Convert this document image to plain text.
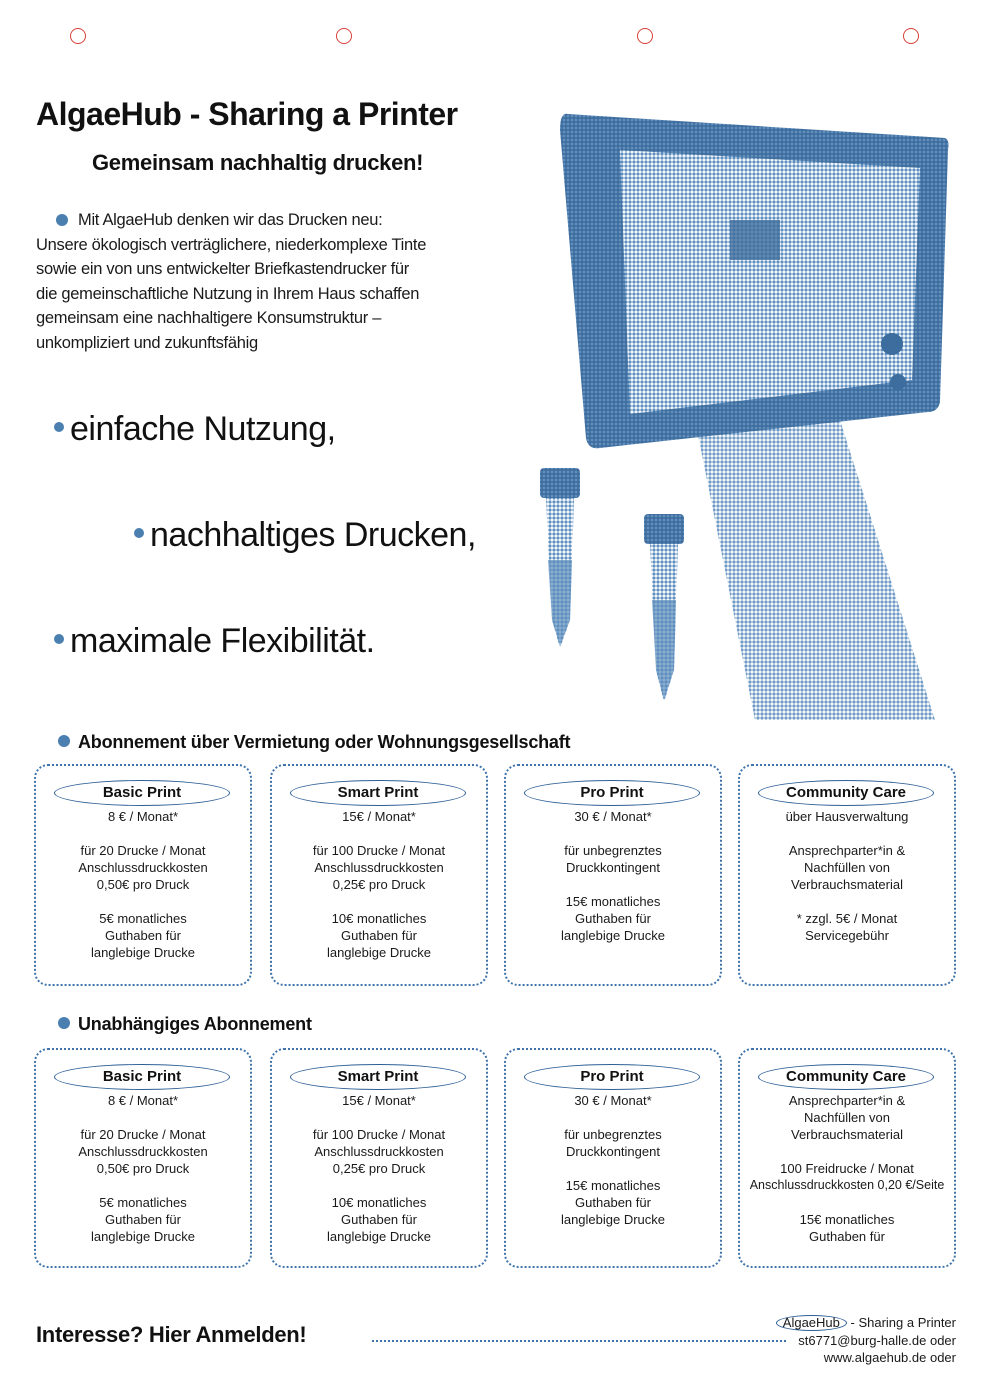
AlgaeHub - Sharing a Printer
Gemeinsam nachhaltig drucken!
Mit AlgaeHub denken wir das Drucken neu:
Unsere ökologisch verträglichere, niederkomplexe Tinte
sowie ein von uns entwickelter Briefkastendrucker für
die gemeinschaftliche Nutzung in Ihrem Haus schaffen
gemeinsam eine nachhaltigere Konsumstruktur –
unkompliziert und zukunftsfähig
einfache Nutzung,
nachhaltiges Drucken,
maximale Flexibilität.
Abonnement über Vermietung oder Wohnungsgesellschaft
Basic Print
8 € / Monat*
für 20 Drucke / Monat
Anschlussdruckkosten
0,50€ pro Druck
5€ monatliches
Guthaben für
langlebige Drucke
Smart Print
15€ / Monat*
für 100 Drucke / Monat
Anschlussdruckkosten
0,25€ pro Druck
10€ monatliches
Guthaben für
langlebige Drucke
Pro Print
30 € / Monat*
für unbegrenztes
Druckkontingent
15€ monatliches
Guthaben für
langlebige Drucke
Community Care
über Hausverwaltung
Ansprechparter*in &
Nachfüllen von
Verbrauchsmaterial
* zzgl. 5€ / Monat
Servicegebühr
Unabhängiges Abonnement
Basic Print
8 € / Monat*
für 20 Drucke / Monat
Anschlussdruckkosten
0,50€ pro Druck
5€ monatliches
Guthaben für
langlebige Drucke
Smart Print
15€ / Monat*
für 100 Drucke / Monat
Anschlussdruckkosten
0,25€ pro Druck
10€ monatliches
Guthaben für
langlebige Drucke
Pro Print
30 € / Monat*
für unbegrenztes
Druckkontingent
15€ monatliches
Guthaben für
langlebige Drucke
Community Care
Ansprechparter*in &
Nachfüllen von
Verbrauchsmaterial
100 Freidrucke / Monat
Anschlussdruckkosten 0,20 €/Seite
15€ monatliches
Guthaben für
Interesse? Hier Anmelden!	AlgaeHub - Sharing a Printer
st6771@burg-halle.de oder
www.algaehub.de oder
